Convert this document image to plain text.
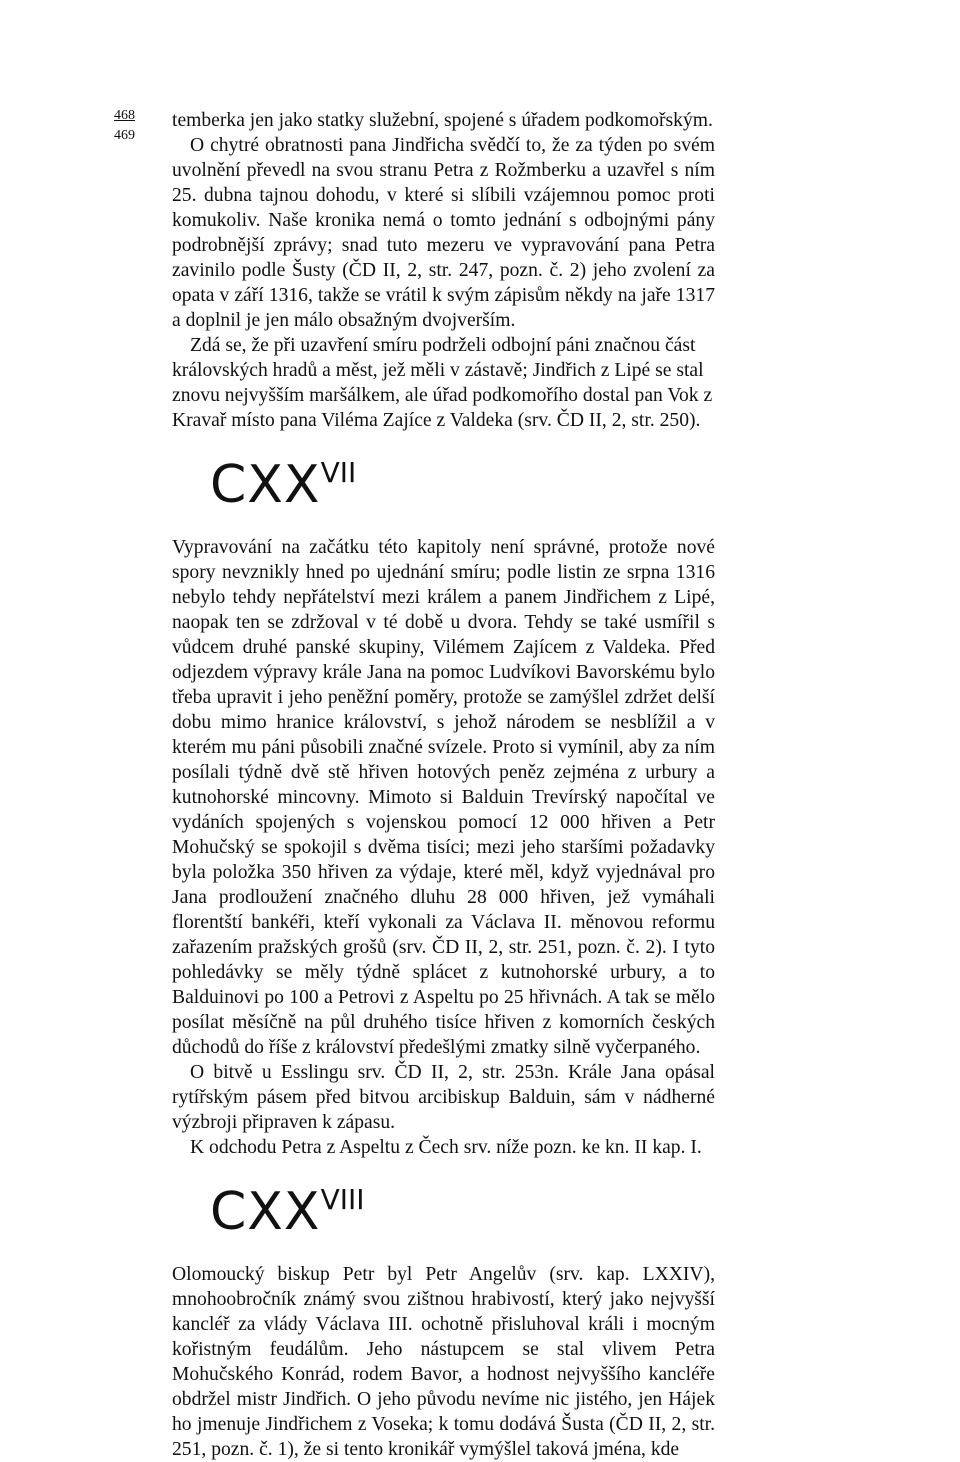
468
469

temberka jen jako statky služební, spojené s úřadem podkomořským.

O chytré obratnosti pana Jindřicha svědčí to, že za týden po svém uvolnění převedl na svou stranu Petra z Rožmberku a uzavřel s ním 25. dubna tajnou dohodu, v které si slíbili vzájemnou pomoc proti komukoliv. Naše kronika nemá o tomto jednání s odbojnými pány podrobnější zprávy; snad tuto mezeru ve vypravování pana Petra zavinilo podle Šusty (ČD II, 2, str. 247, pozn. č. 2) jeho zvolení za opata v září 1316, takže se vrátil k svým zápisům někdy na jaře 1317 a doplnil je jen málo obsažným dvojverším.

Zdá se, že při uzavření smíru podrželi odbojní páni značnou část královských hradů a měst, jež měli v zástavě; Jindřich z Lipé se stal znovu nejvyšším maršálkem, ale úřad podkomořího dostal pan Vok z Kravař místo pana Viléma Zajíce z Valdeka (srv. ČD II, 2, str. 250).

$CXX^{VII}$

Vypravování na začátku této kapitoly není správné, protože nové spory nevznikly hned po ujednání smíru; podle listin ze srpna 1316 nebylo tehdy nepřátelství mezi králem a panem Jindřichem z Lipé, naopak ten se zdržoval v té době u dvora. Tehdy se také usmířil s vůdcem druhé panské skupiny, Vilémem Zajícem z Valdeka. Před odjezdem výpravy krále Jana na pomoc Ludvíkovi Bavorskému bylo třeba upravit i jeho peněžní poměry, protože se zamýšlel zdržet delší dobu mimo hranice království, s jehož národem se nesblížil a v kterém mu páni působili značné svízele. Proto si vymínil, aby za ním posílali týdně dvě stě hřiven hotových peněz zejména z urbury a kutnohorské mincovny. Mimoto si Balduin Trevírský napočítal ve vydáních spojených s vojenskou pomocí 12 000 hřiven a Petr Mohučský se spokojil s dvěma tisíci; mezi jeho staršími požadavky byla položka 350 hřiven za výdaje, které měl, když vyjednával pro Jana prodloužení značného dluhu 28 000 hřiven, jež vymáhali florentští bankéři, kteří vykonali za Václava II. měnovou reformu zařazením pražských grošů (srv. ČD II, 2, str. 251, pozn. č. 2). I tyto pohledávky se měly týdně splácet z kutnohorské urbury, a to Balduinovi po 100 a Petrovi z Aspeltu po 25 hřivnách. A tak se mělo posílat měsíčně na půl druhého tisíce hřiven z komorních českých důchodů do říše z království předešlými zmatky silně vyčerpaného.

O bitvě u Esslingu srv. ČD II, 2, str. 253n. Krále Jana opásal rytířským pásem před bitvou arcibiskup Balduin, sám v nádherné výzbroji připraven k zápasu.

K odchodu Petra z Aspeltu z Čech srv. níže pozn. ke kn. II kap. I.

$CXX^{VIII}$

Olomoucký biskup Petr byl Petr Angelův (srv. kap. LXXIV), mnohoobročník známý svou zištnou hrabivostí, který jako nejvyšší kancléř za vlády Václava III. ochotně přisluhoval králi i mocným kořistným feudálům. Jeho nástupcem se stal vlivem Petra Mohučského Konrád, rodem Bavor, a hodnost nejvyššího kancléře obdržel mistr Jindřich. O jeho původu nevíme nic jistého, jen Hájek ho jmenuje Jindřichem z Voseka; k tomu dodává Šusta (ČD II, 2, str. 251, pozn. č. 1), že si tento kronikář vymýšlel taková jména, kde
